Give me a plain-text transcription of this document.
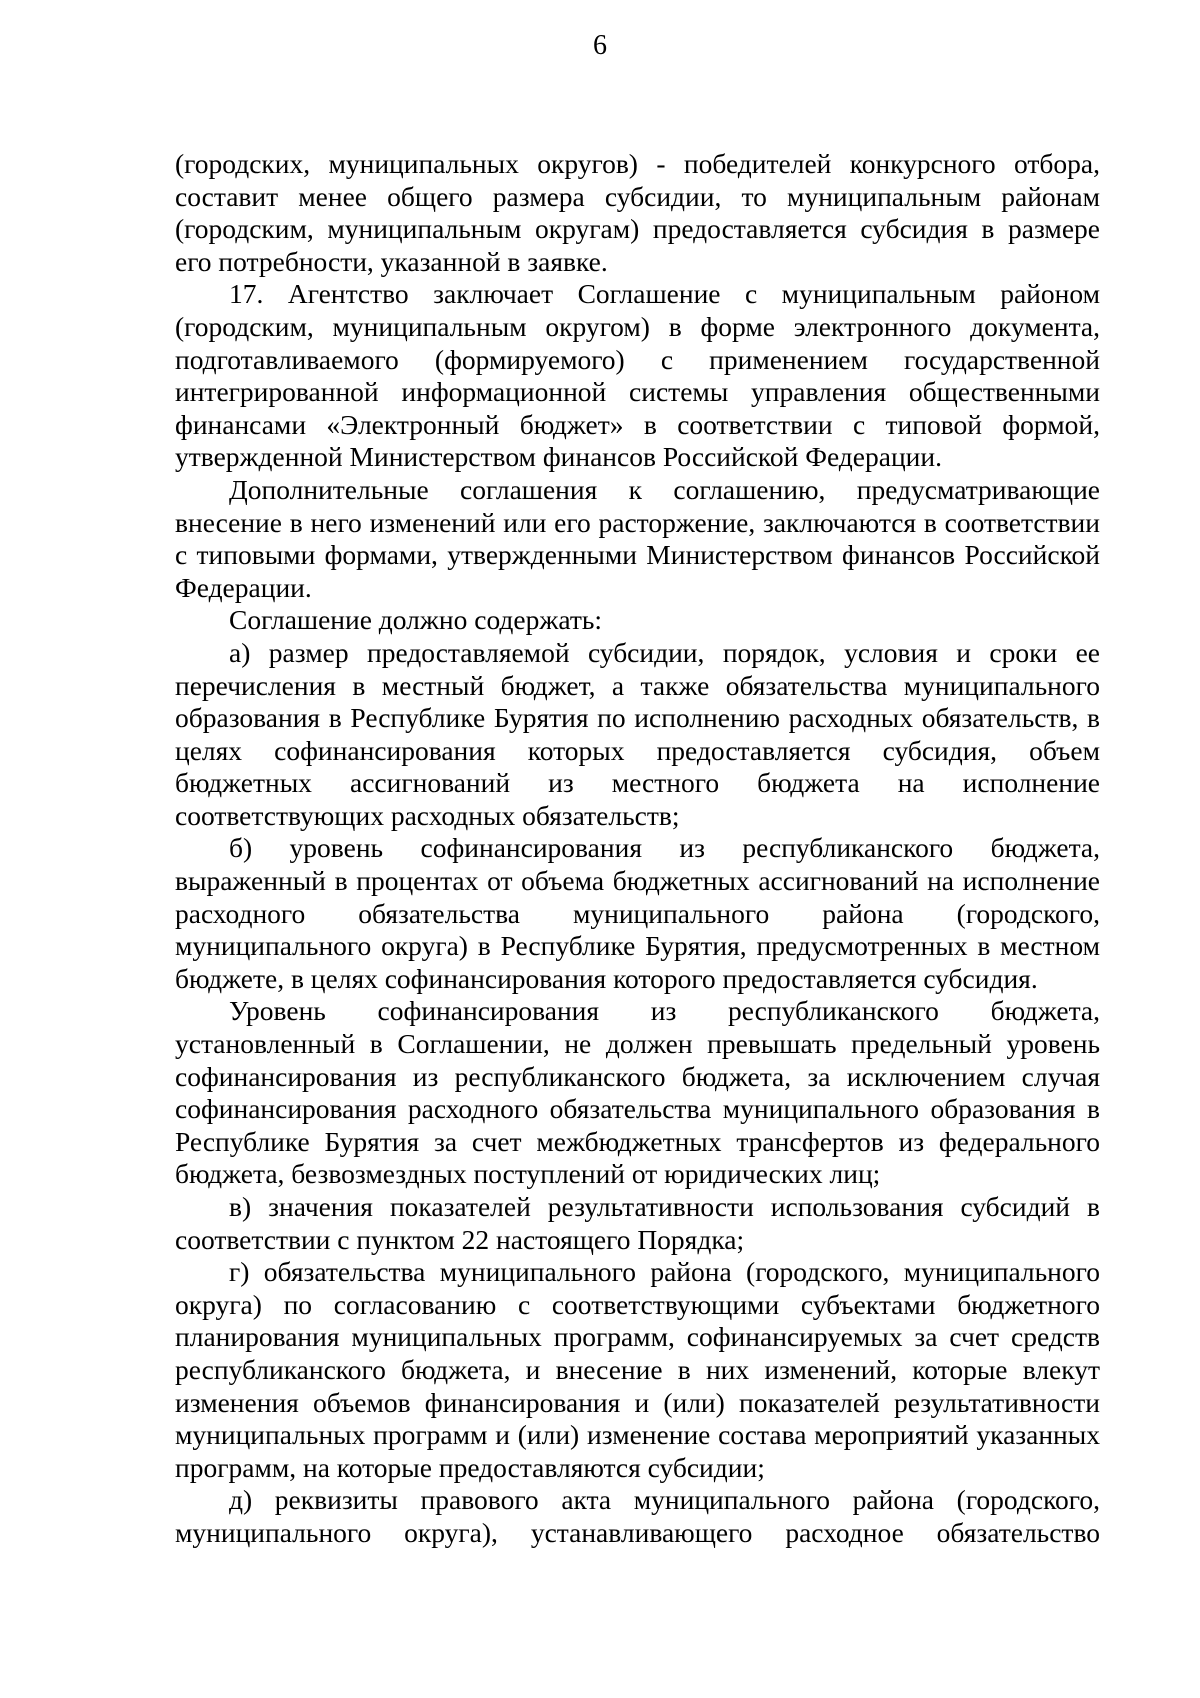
6

(городских, муниципальных округов) - победителей конкурсного отбора, составит менее общего размера субсидии, то муниципальным районам (городским, муниципальным округам) предоставляется субсидия в размере его потребности, указанной в заявке.

17. Агентство заключает Соглашение с муниципальным районом (городским, муниципальным округом) в форме электронного документа, подготавливаемого (формируемого) с применением государственной интегрированной информационной системы управления общественными финансами «Электронный бюджет» в соответствии с типовой формой, утвержденной Министерством финансов Российской Федерации.

Дополнительные соглашения к соглашению, предусматривающие внесение в него изменений или его расторжение, заключаются в соответствии с типовыми формами, утвержденными Министерством финансов Российской Федерации.

Соглашение должно содержать:

а) размер предоставляемой субсидии, порядок, условия и сроки ее перечисления в местный бюджет, а также обязательства муниципального образования в Республике Бурятия по исполнению расходных обязательств, в целях софинансирования которых предоставляется субсидия, объем бюджетных ассигнований из местного бюджета на исполнение соответствующих расходных обязательств;

б) уровень софинансирования из республиканского бюджета, выраженный в процентах от объема бюджетных ассигнований на исполнение расходного обязательства муниципального района (городского, муниципального округа) в Республике Бурятия, предусмотренных в местном бюджете, в целях софинансирования которого предоставляется субсидия.

Уровень софинансирования из республиканского бюджета, установленный в Соглашении, не должен превышать предельный уровень софинансирования из республиканского бюджета, за исключением случая софинансирования расходного обязательства муниципального образования в Республике Бурятия за счет межбюджетных трансфертов из федерального бюджета, безвозмездных поступлений от юридических лиц;

в) значения показателей результативности использования субсидий в соответствии с пунктом 22 настоящего Порядка;

г) обязательства муниципального района (городского, муниципального округа) по согласованию с соответствующими субъектами бюджетного планирования муниципальных программ, софинансируемых за счет средств республиканского бюджета, и внесение в них изменений, которые влекут изменения объемов финансирования и (или) показателей результативности муниципальных программ и (или) изменение состава мероприятий указанных программ, на которые предоставляются субсидии;

д) реквизиты правового акта муниципального района (городского, муниципального округа), устанавливающего расходное обязательство
